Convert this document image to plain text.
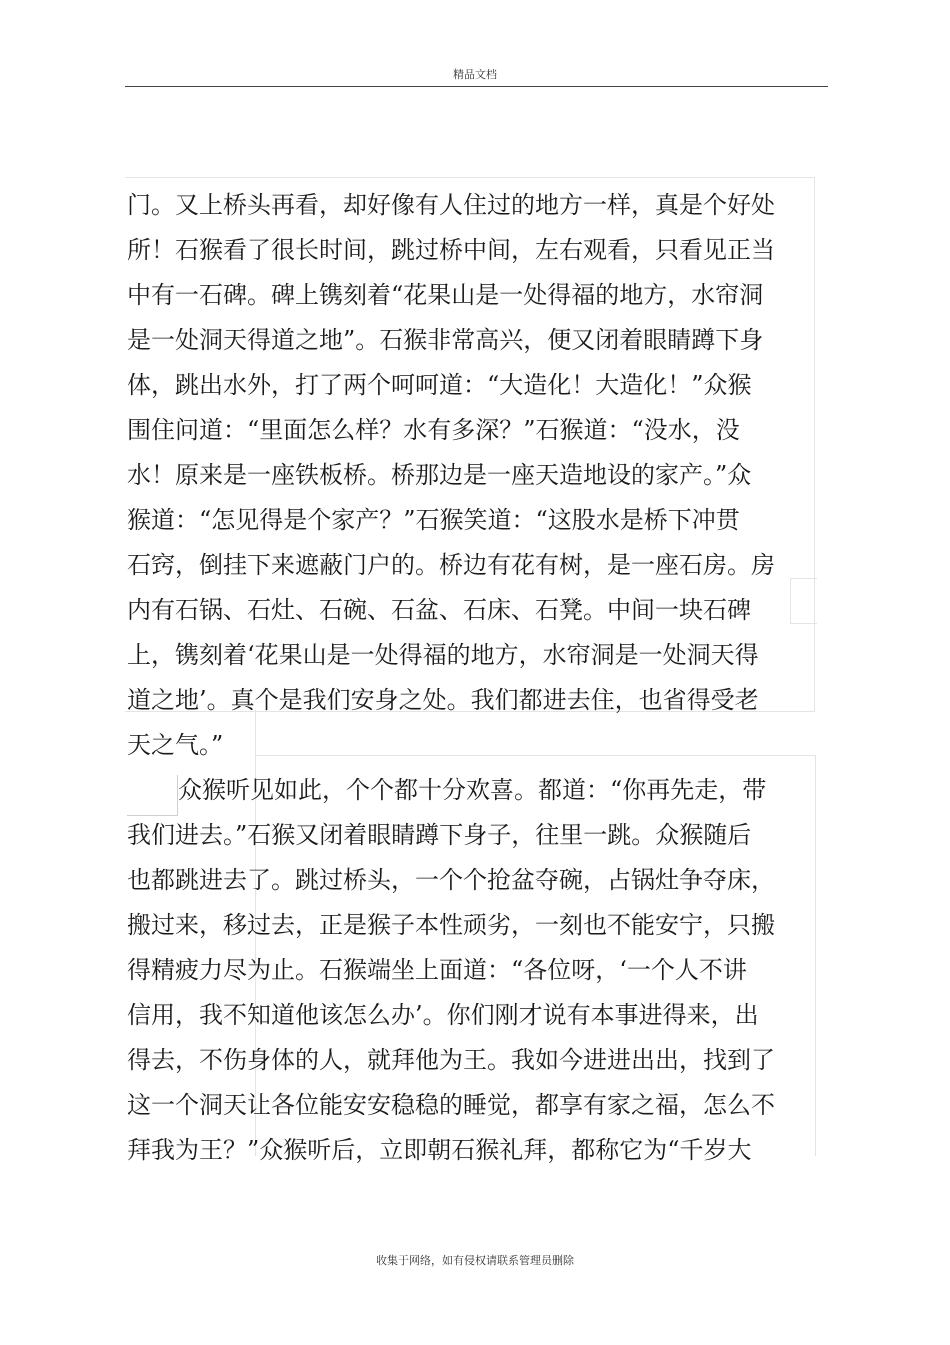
精品文档
门。又上桥头再看，却好像有人住过的地方一样，真是个好处
所！石猴看了很长时间，跳过桥中间，左右观看，只看见正当
中有一石碑。碑上镌刻着“花果山是一处得福的地方，水帘洞
是一处洞天得道之地”。石猴非常高兴，便又闭着眼睛蹲下身
体，跳出水外，打了两个呵呵道：“大造化！大造化！”众猴
围住问道：“里面怎么样？水有多深？”石猴道：“没水，没
水！原来是一座铁板桥。桥那边是一座天造地设的家产。”众
猴道：“怎见得是个家产？”石猴笑道：“这股水是桥下冲贯
石窍，倒挂下来遮蔽门户的。桥边有花有树，是一座石房。房
内有石锅、石灶、石碗、石盆、石床、石凳。中间一块石碑
上，镌刻着‘花果山是一处得福的地方，水帘洞是一处洞天得
道之地’。真个是我们安身之处。我们都进去住，也省得受老
天之气。”
众猴听见如此，个个都十分欢喜。都道：“你再先走，带
我们进去。”石猴又闭着眼睛蹲下身子，往里一跳。众猴随后
也都跳进去了。跳过桥头，一个个抢盆夺碗，占锅灶争夺床，
搬过来，移过去，正是猴子本性顽劣，一刻也不能安宁，只搬
得精疲力尽为止。石猴端坐上面道：“各位呀，‘一个人不讲
信用，我不知道他该怎么办’。你们刚才说有本事进得来，出
得去，不伤身体的人，就拜他为王。我如今进进出出，找到了
这一个洞天让各位能安安稳稳的睡觉，都享有家之福，怎么不
拜我为王？”众猴听后，立即朝石猴礼拜，都称它为“千岁大
收集于网络，如有侵权请联系管理员删除
